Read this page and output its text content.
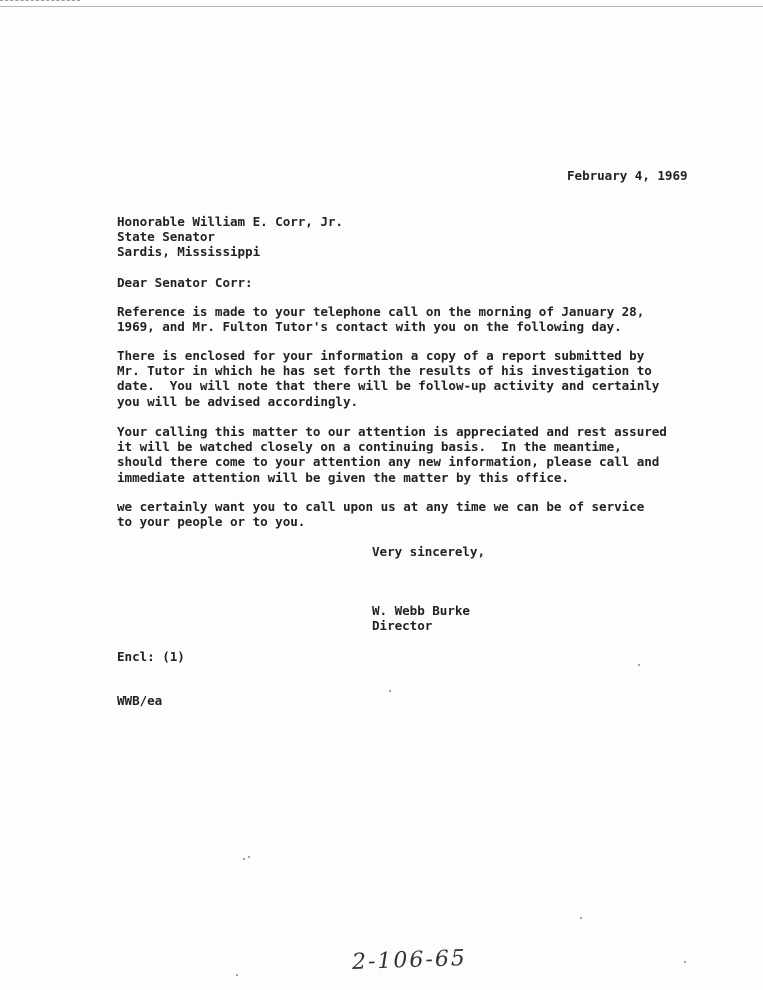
February 4, 1969
Honorable William E. Corr, Jr.
State Senator
Sardis, Mississippi
Dear Senator Corr:
Reference is made to your telephone call on the morning of January 28,
1969, and Mr. Fulton Tutor's contact with you on the following day.
There is enclosed for your information a copy of a report submitted by
Mr. Tutor in which he has set forth the results of his investigation to
date.  You will note that there will be follow-up activity and certainly
you will be advised accordingly.
Your calling this matter to our attention is appreciated and rest assured
it will be watched closely on a continuing basis.  In the meantime,
should there come to your attention any new information, please call and
immediate attention will be given the matter by this office.
we certainly want you to call upon us at any time we can be of service
to your people or to you.
Very sincerely,
W. Webb Burke
Director
Encl: (1)
WWB/ea
2-106-65
